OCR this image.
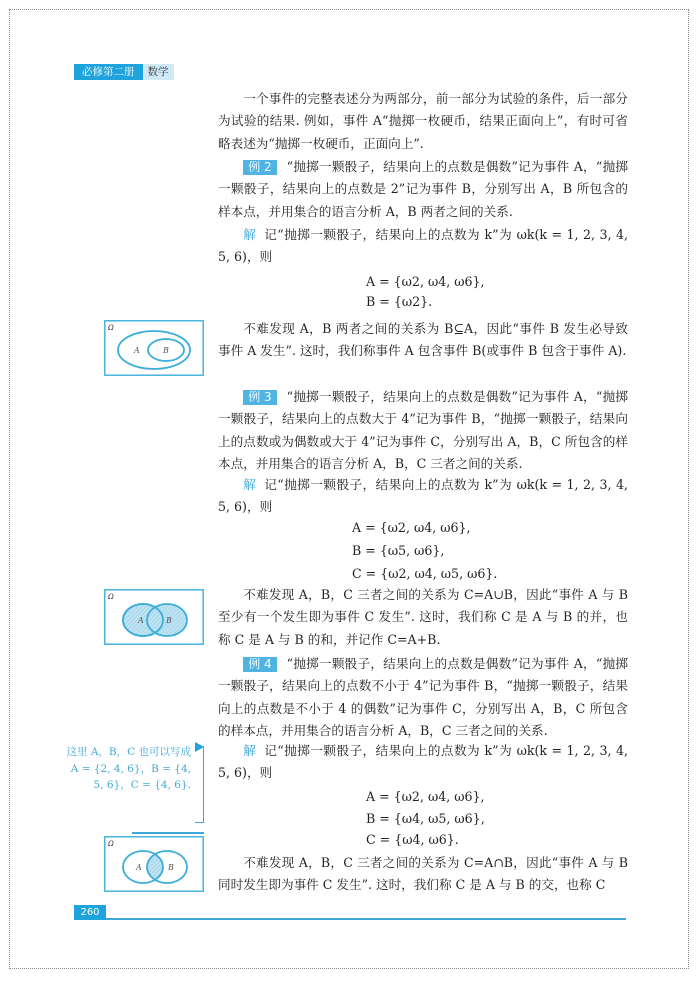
必修第二册	数学

一个事件的完整表述分为两部分，前一部分为试验的条件，后一部分为试验的结果. 例如，事件 A“抛掷一枚硬币，结果正面向上”，有时可省略表述为“抛掷一枚硬币，正面向上”.

例 2 “抛掷一颗骰子，结果向上的点数是偶数”记为事件 A，“抛掷一颗骰子，结果向上的点数是 2”记为事件 B，分别写出 A，B 所包含的样本点，并用集合的语言分析 A，B 两者之间的关系.

解 记“抛掷一颗骰子，结果向上的点数为 k”为 ωk(k = 1, 2, 3, 4, 5, 6)，则

A = {ω2, ω4, ω6},
B = {ω2}.
Ω
A	B

不难发现 A，B 两者之间的关系为 B⊆A，因此“事件 B 发生必导致事件 A 发生”. 这时，我们称事件 A 包含事件 B(或事件 B 包含于事件 A).

例 3 “抛掷一颗骰子，结果向上的点数是偶数”记为事件 A，“抛掷一颗骰子，结果向上的点数大于 4”记为事件 B，“抛掷一颗骰子，结果向上的点数或为偶数或大于 4”记为事件 C，分别写出 A，B，C 所包含的样本点，并用集合的语言分析 A，B，C 三者之间的关系.

解 记“抛掷一颗骰子，结果向上的点数为 k”为 ωk(k = 1, 2, 3, 4, 5, 6)，则

A = {ω2, ω4, ω6},
B = {ω5, ω6},
C = {ω2, ω4, ω5, ω6}.
Ω
A	B

不难发现 A，B，C 三者之间的关系为 C=A∪B，因此“事件 A 与 B 至少有一个发生即为事件 C 发生”. 这时，我们称 C 是 A 与 B 的并，也称 C 是 A 与 B 的和，并记作 C=A+B.

例 4 “抛掷一颗骰子，结果向上的点数是偶数”记为事件 A，“抛掷一颗骰子，结果向上的点数不小于 4”记为事件 B，“抛掷一颗骰子，结果向上的点数是不小于 4 的偶数”记为事件 C，分别写出 A，B，C 所包含的样本点，并用集合的语言分析 A，B，C 三者之间的关系.

解 记“抛掷一颗骰子，结果向上的点数为 k”为 ωk(k = 1, 2, 3, 4, 5, 6)，则

A = {ω2, ω4, ω6},
B = {ω4, ω5, ω6},
C = {ω4, ω6}.
这里 A，B，C 也可以写成 A = {2, 4, 6}，B = {4, 5, 6}，C = {4, 6}.
Ω
A	B	不难发现 A，B，C 三者之间的关系为 C=A∩B，因此“事件 A 与 B 同时发生即为事件 C 发生”. 这时，我们称 C 是 A 与 B 的交，也称 C

260
